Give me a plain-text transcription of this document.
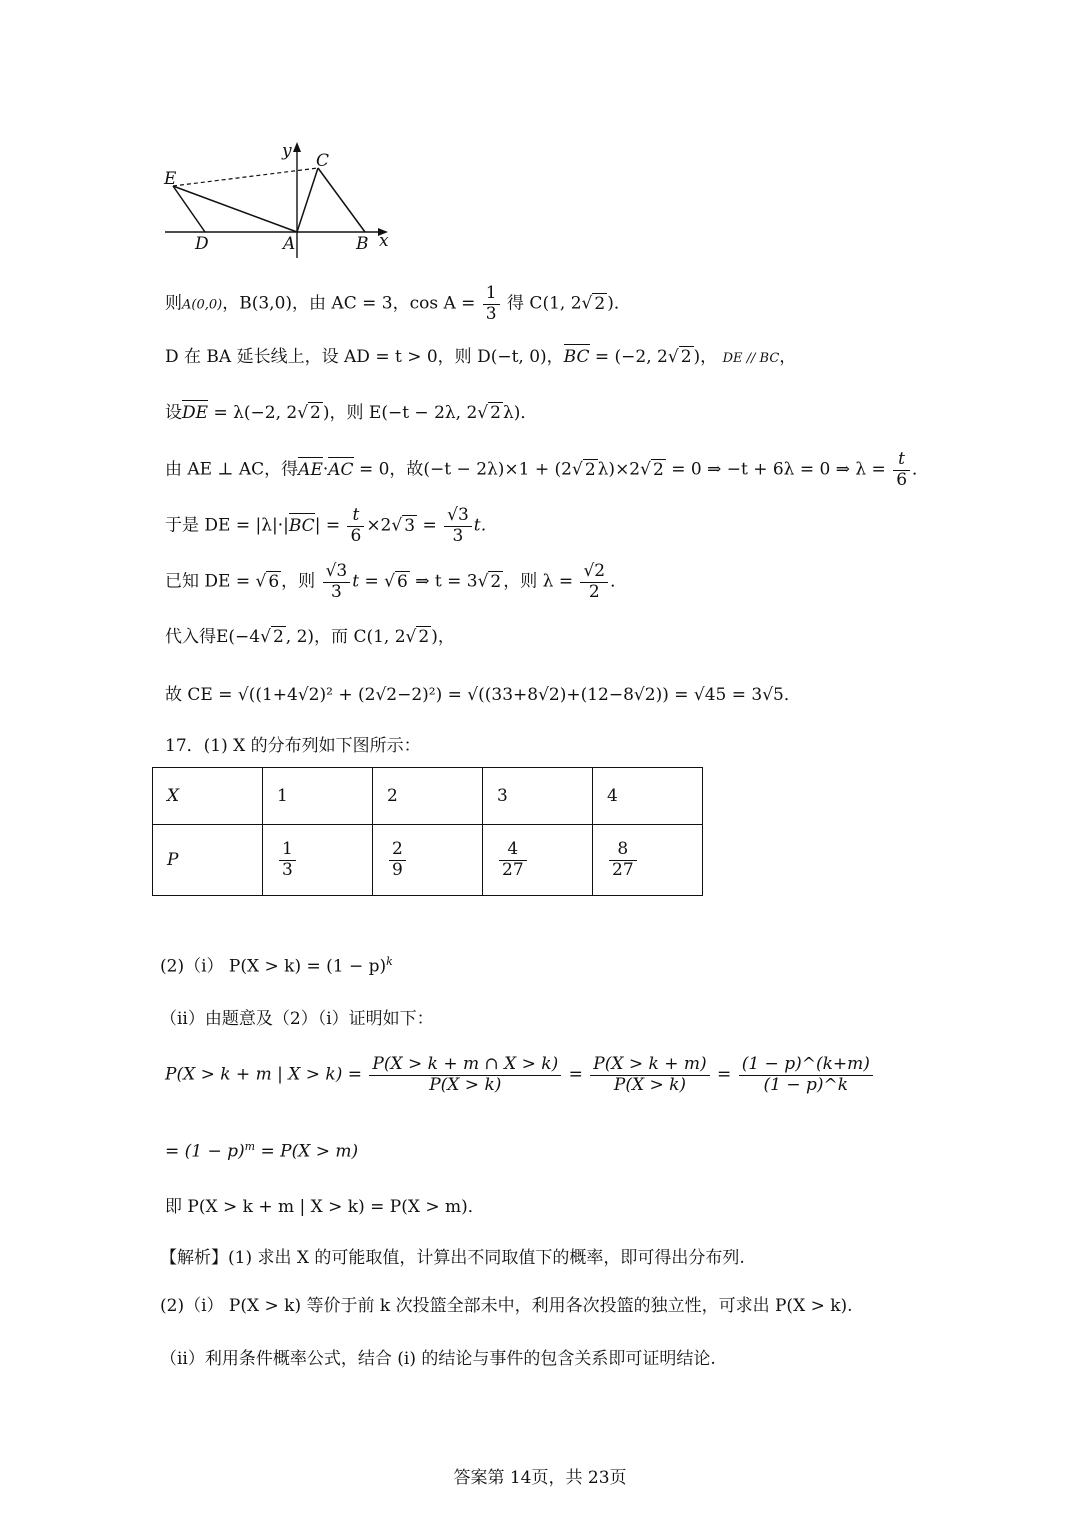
E
C
y
D	A	B x
则A(0,0)，B(3,0)，由 AC = 3，$\cos A = \frac{1}{3}$ 得 C(1, 2√ 2 )．
D 在 BA 延长线上，设 AD = t > 0，则 D(−t, 0)，BC = (−2, 2√ 2 )， DE // BC，
设DE = λ(−2, 2√ 2 )，则 E(−t − 2λ, 2√ 2 λ)．
由 AE ⊥ AC，得AE·AC = 0，故(−t − 2λ)×1 + (2√ 2 λ)×2√ 2 = 0 ⇒ −t + 6λ = 0 ⇒ $\lambda = \frac{t}{6}$ ．
于是 DE = $|\lambda|\cdot|BC| = \frac{t}{6} \times 2√$ $3 = \frac{√3}{3}$ t．
已知 DE = √ 6 ，则 $\frac{√3}{3}$ t = √ 6 ⇒ t = 3√ 2 ，则 $\lambda = \frac{√2}{2}$ ．
代入得E(−4√ 2 , 2)，而 C(1, 2√ 2 )，
故 CE = √((1+4√2)² + (2√2−2)²) = √((33+8√2)+(12−8√2)) = √45 = 3√5．
17．(1) X 的分布列如下图所示：
X	1	2	3	4
P	$\frac{1}{3}$	$\frac{2}{9}$	$\frac{4}{27}$	$\frac{8}{27}$
(2)（i） $P(X > k) = (1 - p)^k$
（ii）由题意及（2）（i）证明如下：
P(X > k + m | $X > k) = \frac{P(X > k + m \cap X > k)}{P(X > k)} = \frac{P(X > k + m)}{P(X > k)} = \frac{(1 - p)\^{}(k+m)}{(1 - p)\^{}k}$
= $(1 - p)^m = P(X > m)$
即 P(X > k + m | X > k) = P(X > m)．
【解析】(1) 求出 X 的可能取值，计算出不同取值下的概率，即可得出分布列.
(2)（i） P(X > k) 等价于前 k 次投篮全部未中，利用各次投篮的独立性，可求出 P(X > k).
（ii）利用条件概率公式，结合 (i) 的结论与事件的包含关系即可证明结论.
答案第 14页，共 23页
